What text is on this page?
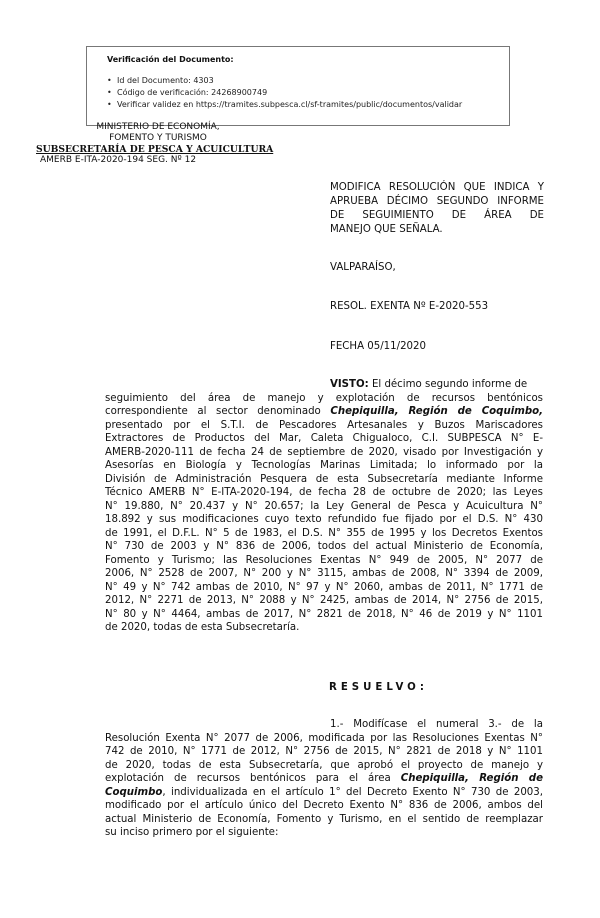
Verificación del Documento:
• Id del Documento: 4303
• Código de verificación: 24268900749
• Verificar validez en https://tramites.subpesca.cl/sf-tramites/public/documentos/validar
MINISTERIO DE ECONOMÍA,
FOMENTO Y TURISMO
SUBSECRETARÍA DE PESCA Y ACUICULTURA
AMERB E-ITA-2020-194 SEG. Nº 12
MODIFICA RESOLUCIÓN QUE INDICA Y
APRUEBA DÉCIMO SEGUNDO INFORME
DE SEGUIMIENTO DE ÁREA DE
MANEJO QUE SEÑALA.
VALPARAÍSO,
RESOL. EXENTA Nº E-2020-553
FECHA 05/11/2020
VISTO: El décimo segundo informe de
seguimiento del área de manejo y explotación de recursos bentónicos
correspondiente al sector denominado Chepiquilla, Región de Coquimbo,
presentado por el S.T.I. de Pescadores Artesanales y Buzos Mariscadores
Extractores de Productos del Mar, Caleta Chigualoco, C.I. SUBPESCA N° E-
AMERB-2020-111 de fecha 24 de septiembre de 2020, visado por Investigación y
Asesorías en Biología y Tecnologías Marinas Limitada; lo informado por la
División de Administración Pesquera de esta Subsecretaría mediante Informe
Técnico AMERB N° E-ITA-2020-194, de fecha 28 de octubre de 2020; las Leyes
N° 19.880, N° 20.437 y N° 20.657; la Ley General de Pesca y Acuicultura N°
18.892 y sus modificaciones cuyo texto refundido fue fijado por el D.S. N° 430
de 1991, el D.F.L. N° 5 de 1983, el D.S. N° 355 de 1995 y los Decretos Exentos
N° 730 de 2003 y N° 836 de 2006, todos del actual Ministerio de Economía,
Fomento y Turismo; las Resoluciones Exentas N° 949 de 2005, N° 2077 de
2006, N° 2528 de 2007, N° 200 y N° 3115, ambas de 2008, N° 3394 de 2009,
N° 49 y N° 742 ambas de 2010, N° 97 y N° 2060, ambas de 2011, N° 1771 de
2012, N° 2271 de 2013, N° 2088 y N° 2425, ambas de 2014, N° 2756 de 2015,
N° 80 y N° 4464, ambas de 2017, N° 2821 de 2018, N° 46 de 2019 y N° 1101
de 2020, todas de esta Subsecretaría.
RESUELVO:
1.- Modifícase el numeral 3.- de la
Resolución Exenta N° 2077 de 2006, modificada por las Resoluciones Exentas N°
742 de 2010, N° 1771 de 2012, N° 2756 de 2015, N° 2821 de 2018 y N° 1101
de 2020, todas de esta Subsecretaría, que aprobó el proyecto de manejo y
explotación de recursos bentónicos para el área Chepiquilla, Región de
Coquimbo, individualizada en el artículo 1° del Decreto Exento N° 730 de 2003,
modificado por el artículo único del Decreto Exento N° 836 de 2006, ambos del
actual Ministerio de Economía, Fomento y Turismo, en el sentido de reemplazar
su inciso primero por el siguiente:
